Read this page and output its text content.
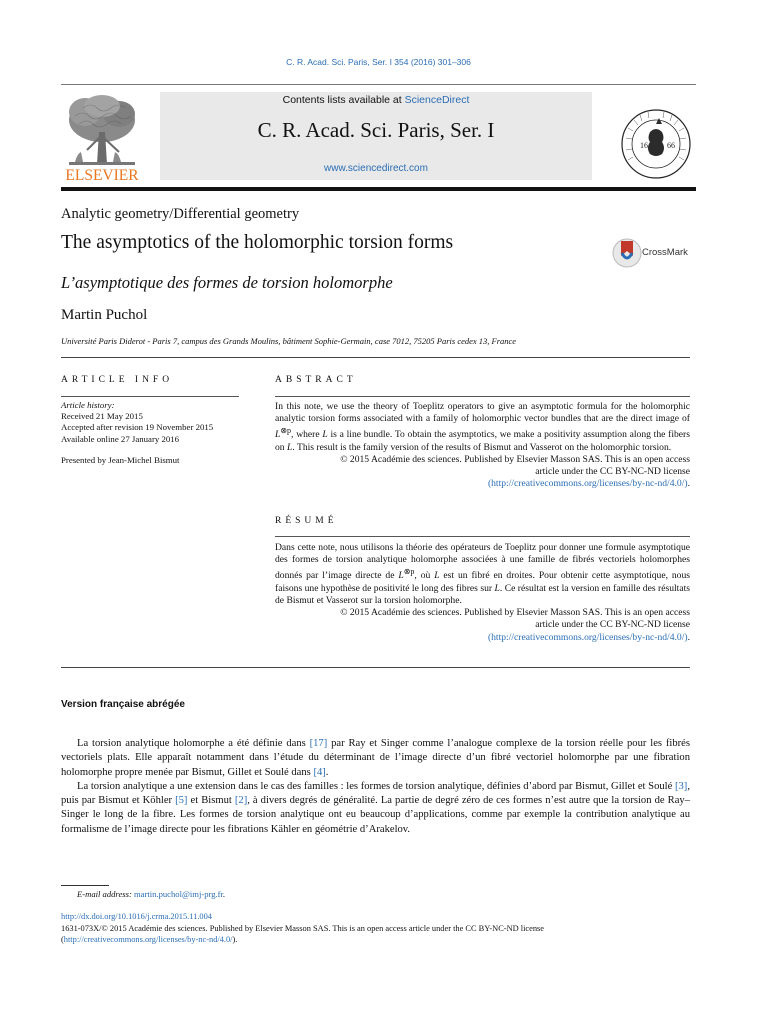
C. R. Acad. Sci. Paris, Ser. I 354 (2016) 301–306
ELSEVIER
Contents lists available at ScienceDirect
C. R. Acad. Sci. Paris, Ser. I
www.sciencedirect.com
16 66
Analytic geometry/Differential geometry
The asymptotics of the holomorphic torsion forms	CrossMark
L’asymptotique des formes de torsion holomorphe
Martin Puchol
Université Paris Diderot - Paris 7, campus des Grands Moulins, bâtiment Sophie-Germain, case 7012, 75205 Paris cedex 13, France
ARTICLE INFO
Article history:
Received 21 May 2015
Accepted after revision 19 November 2015
Available online 27 January 2016
Presented by Jean-Michel Bismut
ABSTRACT
In this note, we use the theory of Toeplitz operators to give an asymptotic formula for the holomorphic analytic torsion forms associated with a family of holomorphic vector bundles that are the direct image of $L^{\otimes p}$, where L is a line bundle. To obtain the asymptotics, we make a positivity assumption along the fibers on L. This result is the family version of the results of Bismut and Vasserot on the holomorphic torsion.
© 2015 Académie des sciences. Published by Elsevier Masson SAS. This is an open access
article under the CC BY-NC-ND license
(http://creativecommons.org/licenses/by-nc-nd/4.0/).
RÉSUMÉ
Dans cette note, nous utilisons la théorie des opérateurs de Toeplitz pour donner une formule asymptotique des formes de torsion analytique holomorphe associées à une famille de fibrés vectoriels holomorphes donnés par l’image directe de $L^{\otimes p}$, où L est un fibré en droites. Pour obtenir cette asymptotique, nous faisons une hypothèse de positivité le long des fibres sur L. Ce résultat est la version en famille des résultats de Bismut et Vasserot sur la torsion holomorphe.
© 2015 Académie des sciences. Published by Elsevier Masson SAS. This is an open access
article under the CC BY-NC-ND license
(http://creativecommons.org/licenses/by-nc-nd/4.0/).
Version française abrégée

La torsion analytique holomorphe a été définie dans [17] par Ray et Singer comme l’analogue complexe de la torsion réelle pour les fibrés vectoriels plats. Elle apparaît notamment dans l’étude du déterminant de l’image directe d’un fibré vectoriel holomorphe par une fibration holomorphe propre menée par Bismut, Gillet et Soulé dans [4].

La torsion analytique a une extension dans le cas des familles : les formes de torsion analytique, définies d’abord par Bismut, Gillet et Soulé [3], puis par Bismut et Köhler [5] et Bismut [2], à divers degrés de généralité. La partie de degré zéro de ces formes n’est autre que la torsion de Ray–Singer le long de la fibre. Les formes de torsion analytique ont eu beaucoup d’applications, comme par exemple la contribution analytique au formalisme de l’image directe pour les fibrations Kähler en géométrie d’Arakelov.

E-mail address: martin.puchol@imj-prg.fr.
http://dx.doi.org/10.1016/j.crma.2015.11.004
1631-073X/© 2015 Académie des sciences. Published by Elsevier Masson SAS. This is an open access article under the CC BY-NC-ND license
(http://creativecommons.org/licenses/by-nc-nd/4.0/).
